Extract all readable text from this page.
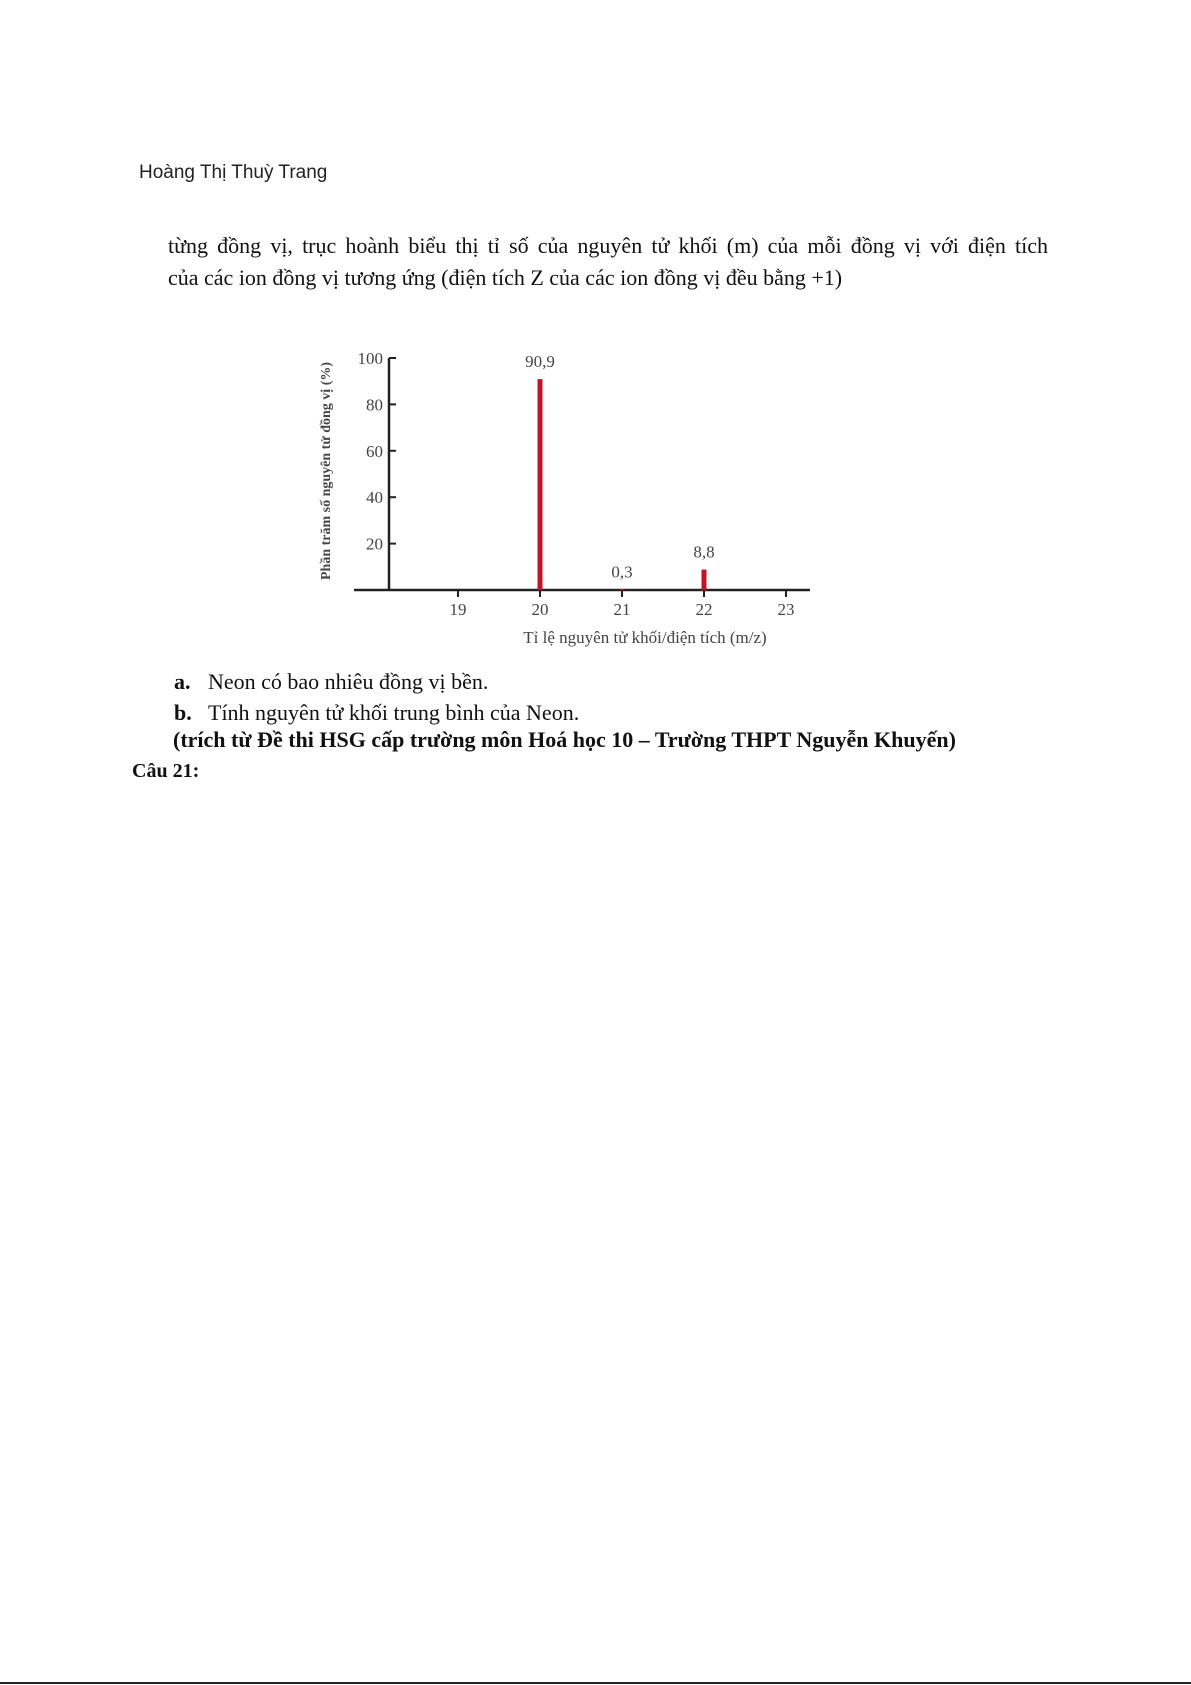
Hoàng Thị Thuỳ Trang
từng đồng vị, trục hoành biểu thị tỉ số của nguyên tử khối (m) của mỗi đồng vị với điện tích
của các ion đồng vị tương ứng (điện tích Z của các ion đồng vị đều bằng +1)
Phần trăm số nguyên tử đồng vị (%)
Tỉ lệ nguyên tử khối/điện tích (m/z)
20
40
60
80
100
19	20	21	22	23
90,9
0,3
8,8
a. Neon có bao nhiêu đồng vị bền.
b. Tính nguyên tử khối trung bình của Neon.
(trích từ Đề thi HSG cấp trường môn Hoá học 10 – Trường THPT Nguyễn Khuyến)
Câu 21:
